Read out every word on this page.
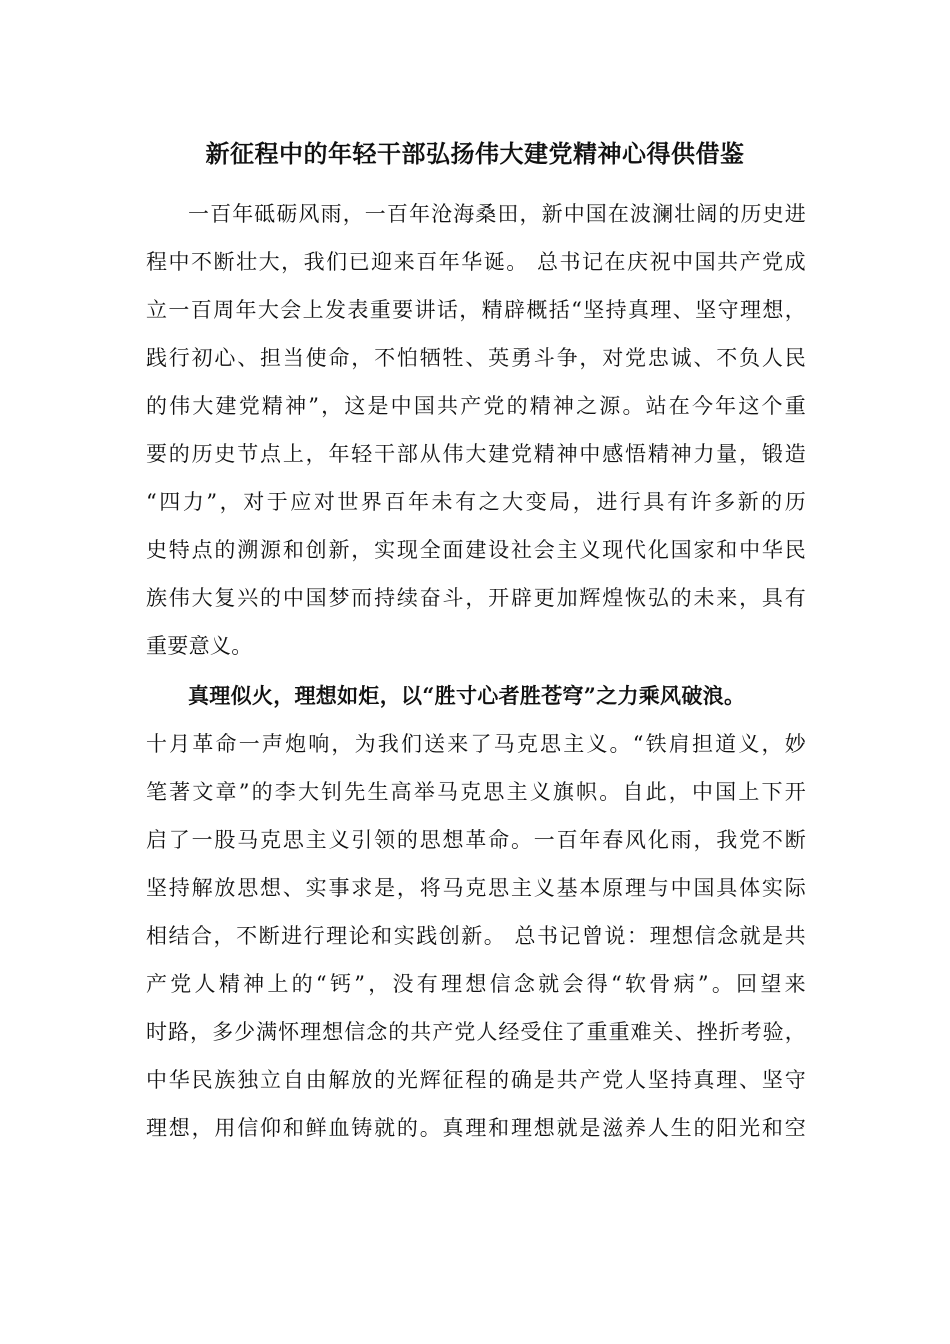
新征程中的年轻干部弘扬伟大建党精神心得供借鉴
一百年砥砺风雨，一百年沧海桑田，新中国在波澜壮阔的历史进
程中不断壮大，我们已迎来百年华诞。 总书记在庆祝中国共产党成
立一百周年大会上发表重要讲话，精辟概括“坚持真理、坚守理想，
践行初心、担当使命，不怕牺牲、英勇斗争，对党忠诚、不负人民
的伟大建党精神”，这是中国共产党的精神之源。站在今年这个重
要的历史节点上，年轻干部从伟大建党精神中感悟精神力量，锻造
“四力”，对于应对世界百年未有之大变局，进行具有许多新的历
史特点的溯源和创新，实现全面建设社会主义现代化国家和中华民
族伟大复兴的中国梦而持续奋斗，开辟更加辉煌恢弘的未来，具有
重要意义。
真理似火，理想如炬，以“胜寸心者胜苍穹”之力乘风破浪。
十月革命一声炮响，为我们送来了马克思主义。“铁肩担道义，妙
笔著文章”的李大钊先生高举马克思主义旗帜。自此，中国上下开
启了一股马克思主义引领的思想革命。一百年春风化雨，我党不断
坚持解放思想、实事求是，将马克思主义基本原理与中国具体实际
相结合，不断进行理论和实践创新。 总书记曾说：理想信念就是共
产党人精神上的“钙”，没有理想信念就会得“软骨病”。回望来
时路，多少满怀理想信念的共产党人经受住了重重难关、挫折考验，
中华民族独立自由解放的光辉征程的确是共产党人坚持真理、坚守
理想，用信仰和鲜血铸就的。真理和理想就是滋养人生的阳光和空
